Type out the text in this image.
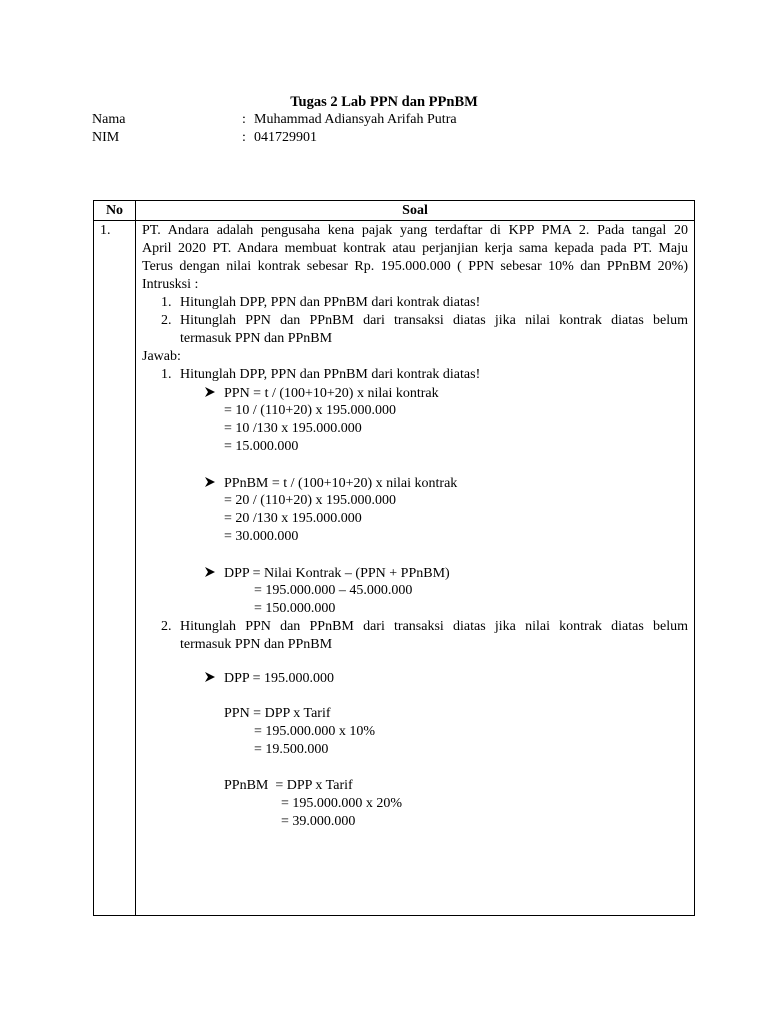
Tugas 2 Lab PPN dan PPnBM
Nama	: Muhammad Adiansyah Arifah Putra
NIM	: 041729901
No	Soal
1. PT. Andara adalah pengusaha kena pajak yang terdaftar di KPP PMA 2. Pada tangal 20
April 2020 PT. Andara membuat kontrak atau perjanjian kerja sama kepada pada PT. Maju
Terus dengan nilai kontrak sebesar Rp. 195.000.000 ( PPN sebesar 10% dan PPnBM 20%)
Intrusksi :
1. Hitunglah DPP, PPN dan PPnBM dari kontrak diatas!
2. Hitunglah PPN dan PPnBM dari transaksi diatas jika nilai kontrak diatas belum
termasuk PPN dan PPnBM
Jawab:
1. Hitunglah DPP, PPN dan PPnBM dari kontrak diatas!
PPN = t / (100+10+20) x nilai kontrak
= 10 / (110+20) x 195.000.000
= 10 /130 x 195.000.000
= 15.000.000
PPnBM = t / (100+10+20) x nilai kontrak
= 20 / (110+20) x 195.000.000
= 20 /130 x 195.000.000
= 30.000.000
DPP = Nilai Kontrak – (PPN + PPnBM)
= 195.000.000 – 45.000.000
= 150.000.000
2. Hitunglah PPN dan PPnBM dari transaksi diatas jika nilai kontrak diatas belum
termasuk PPN dan PPnBM
DPP = 195.000.000
PPN = DPP x Tarif
= 195.000.000 x 10%
= 19.500.000
PPnBM  = DPP x Tarif
= 195.000.000 x 20%
= 39.000.000
